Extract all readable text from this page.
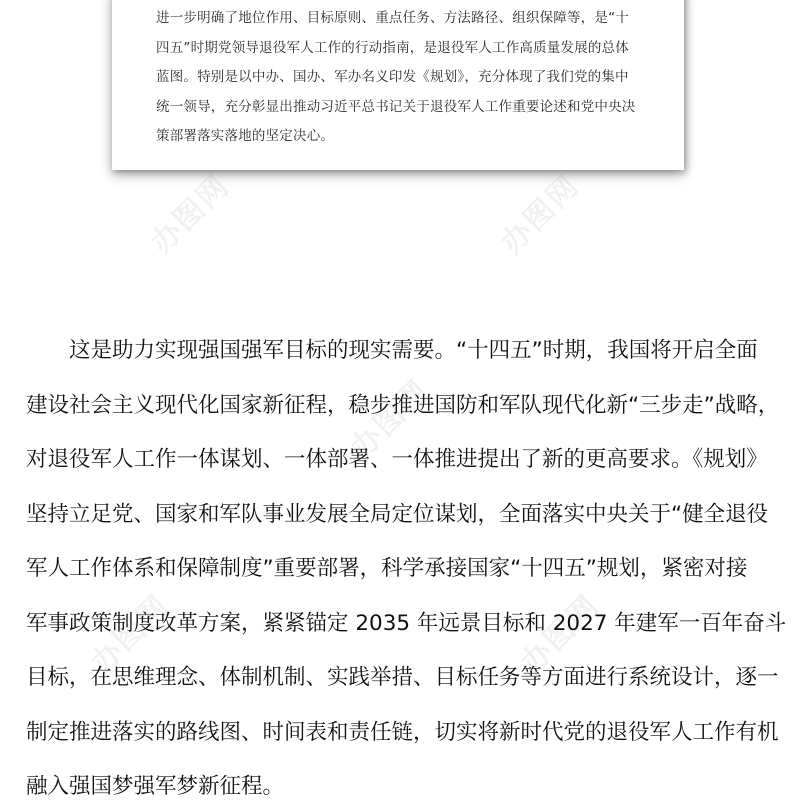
进一步明确了地位作用、目标原则、重点任务、方法路径、组织保障等，是“十
四五”时期党领导退役军人工作的行动指南，是退役军人工作高质量发展的总体
蓝图。特别是以中办、国办、军办名义印发《规划》，充分体现了我们党的集中
统一领导，充分彰显出推动习近平总书记关于退役军人工作重要论述和党中央决
策部署落实落地的坚定决心。
办图网	办图网
办图网
办图网	办图网
　　这是助力实现强国强军目标的现实需要。“十四五”时期，我国将开启全面
建设社会主义现代化国家新征程，稳步推进国防和军队现代化新“三步走”战略，
对退役军人工作一体谋划、一体部署、一体推进提出了新的更高要求。《规划》
坚持立足党、国家和军队事业发展全局定位谋划，全面落实中央关于“健全退役
军人工作体系和保障制度”重要部署，科学承接国家“十四五”规划，紧密对接
军事政策制度改革方案，紧紧锚定 2035 年远景目标和 2027 年建军一百年奋斗
目标，在思维理念、体制机制、实践举措、目标任务等方面进行系统设计，逐一
制定推进落实的路线图、时间表和责任链，切实将新时代党的退役军人工作有机
融入强国梦强军梦新征程。
